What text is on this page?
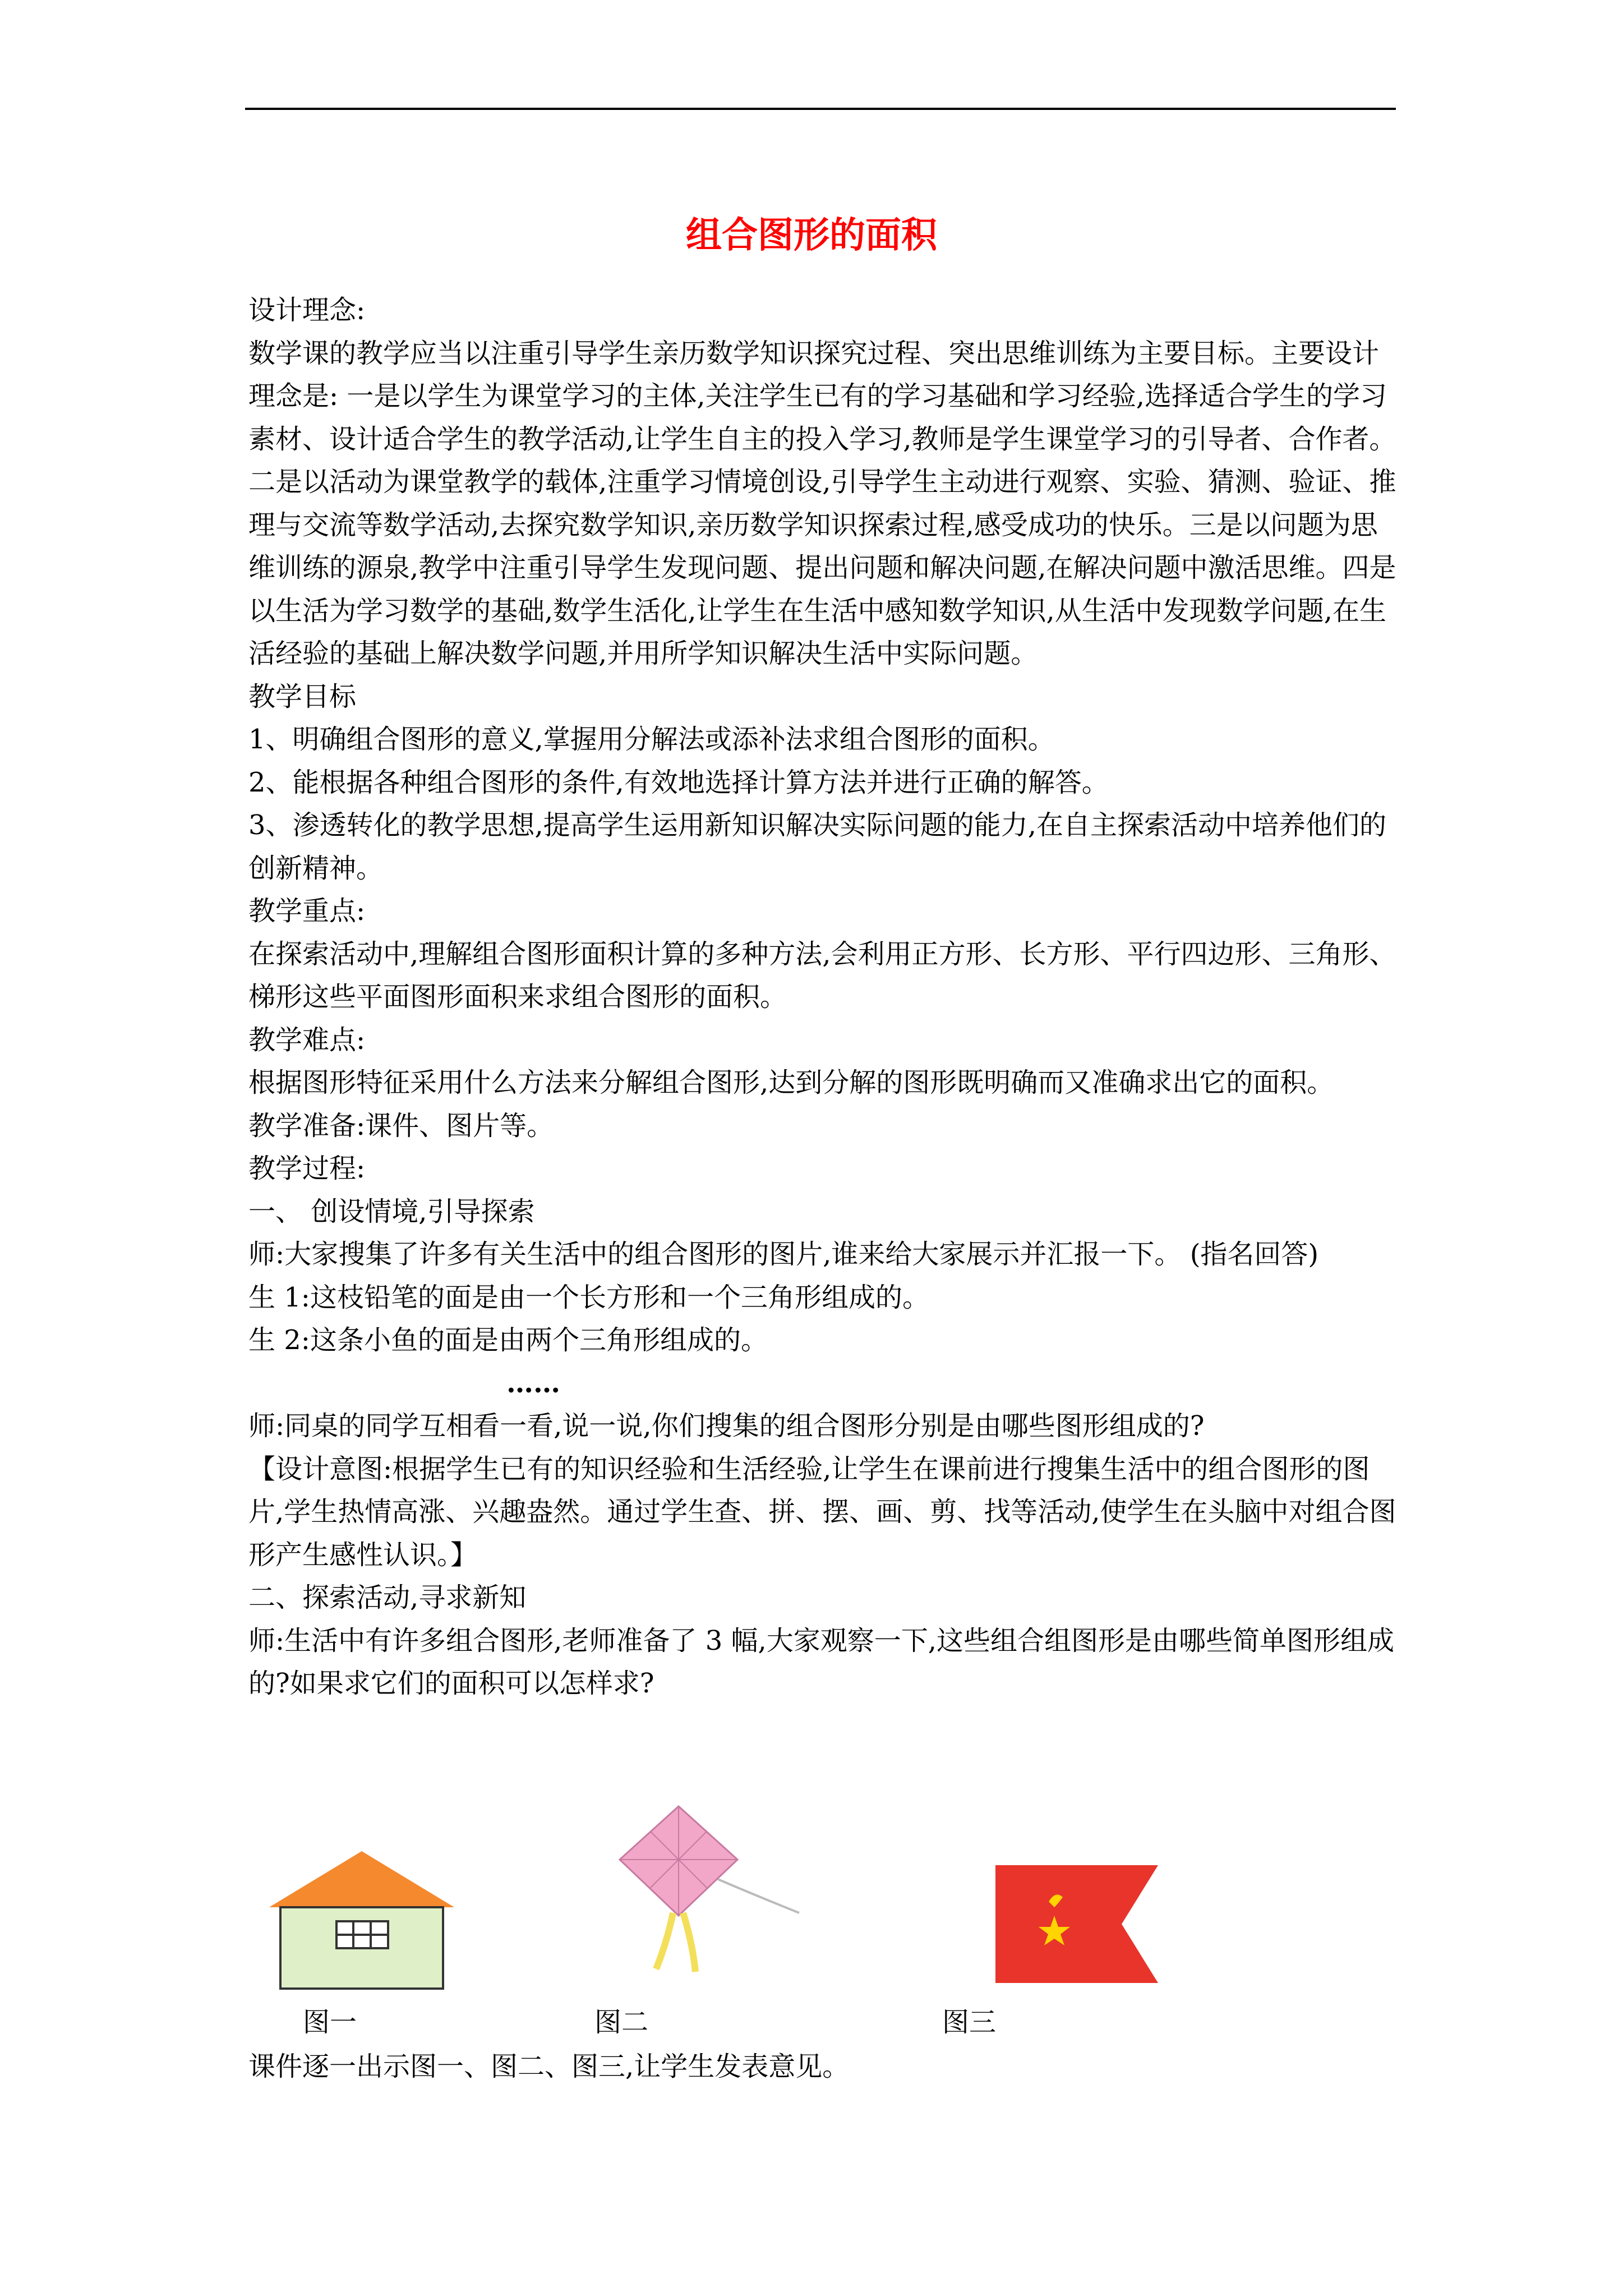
组合图形的面积

设计理念:

数学课的教学应当以注重引导学生亲历数学知识探究过程、突出思维训练为主要目标。主要设计理念是: 一是以学生为课堂学习的主体,关注学生已有的学习基础和学习经验,选择适合学生的学习素材、设计适合学生的教学活动,让学生自主的投入学习,教师是学生课堂学习的引导者、合作者。二是以活动为课堂教学的载体,注重学习情境创设,引导学生主动进行观察、实验、猜测、验证、推理与交流等数学活动,去探究数学知识,亲历数学知识探索过程,感受成功的快乐。三是以问题为思维训练的源泉,教学中注重引导学生发现问题、提出问题和解决问题,在解决问题中激活思维。四是以生活为学习数学的基础,数学生活化,让学生在生活中感知数学知识,从生活中发现数学问题,在生活经验的基础上解决数学问题,并用所学知识解决生活中实际问题。

教学目标

1、明确组合图形的意义,掌握用分解法或添补法求组合图形的面积。

2、能根据各种组合图形的条件,有效地选择计算方法并进行正确的解答。

3、渗透转化的教学思想,提高学生运用新知识解决实际问题的能力,在自主探索活动中培养他们的创新精神。

教学重点:

在探索活动中,理解组合图形面积计算的多种方法,会利用正方形、长方形、平行四边形、三角形、梯形这些平面图形面积来求组合图形的面积。

教学难点:

根据图形特征采用什么方法来分解组合图形,达到分解的图形既明确而又准确求出它的面积。

教学准备:课件、图片等。

教学过程:

一、 创设情境,引导探索

师:大家搜集了许多有关生活中的组合图形的图片,谁来给大家展示并汇报一下。 (指名回答)

生 1:这枝铅笔的面是由一个长方形和一个三角形组成的。

生 2:这条小鱼的面是由两个三角形组成的。

……

师:同桌的同学互相看一看,说一说,你们搜集的组合图形分别是由哪些图形组成的?

【设计意图:根据学生已有的知识经验和生活经验,让学生在课前进行搜集生活中的组合图形的图片,学生热情高涨、兴趣盎然。通过学生查、拼、摆、画、剪、找等活动,使学生在头脑中对组合图形产生感性认识。】

二、探索活动,寻求新知

师:生活中有许多组合图形,老师准备了 3 幅,大家观察一下,这些组合组图形是由哪些简单图形组成的?如果求它们的面积可以怎样求?

图一	图二	图三
课件逐一出示图一、图二、图三,让学生发表意见。
